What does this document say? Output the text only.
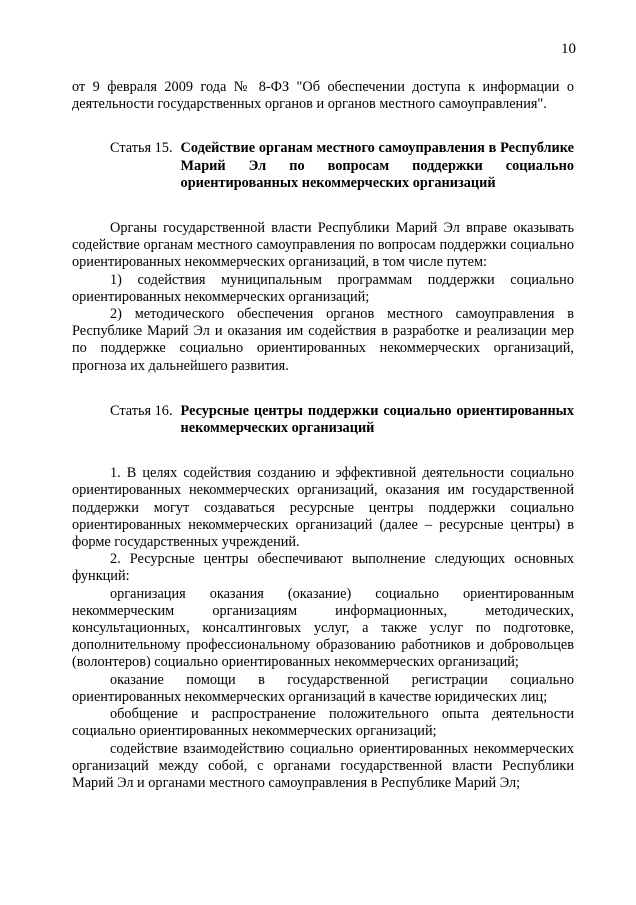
10

от 9 февраля 2009 года № 8-ФЗ "Об обеспечении доступа к информации о деятельности государственных органов и органов местного самоуправления".

Статья 15. Содействие органам местного самоуправления в Республике Марий Эл по вопросам поддержки социально ориентированных некоммерческих организаций

Органы государственной власти Республики Марий Эл вправе оказывать содействие органам местного самоуправления по вопросам поддержки социально ориентированных некоммерческих организаций, в том числе путем:

1) содействия муниципальным программам поддержки социально ориентированных некоммерческих организаций;

2) методического обеспечения органов местного самоуправления в Республике Марий Эл и оказания им содействия в разработке и реализации мер по поддержке социально ориентированных некоммерческих организаций, прогноза их дальнейшего развития.

Статья 16. Ресурсные центры поддержки социально ориентированных некоммерческих организаций

1. В целях содействия созданию и эффективной деятельности социально ориентированных некоммерческих организаций, оказания им государственной поддержки могут создаваться ресурсные центры поддержки социально ориентированных некоммерческих организаций (далее – ресурсные центры) в форме государственных учреждений.

2. Ресурсные центры обеспечивают выполнение следующих основных функций:

организация оказания (оказание) социально ориентированным некоммерческим организациям информационных, методических, консультационных, консалтинговых услуг, а также услуг по подготовке, дополнительному профессиональному образованию работников и добровольцев (волонтеров) социально ориентированных некоммерческих организаций;

оказание помощи в государственной регистрации социально ориентированных некоммерческих организаций в качестве юридических лиц;

обобщение и распространение положительного опыта деятельности социально ориентированных некоммерческих организаций;

содействие взаимодействию социально ориентированных некоммерческих организаций между собой, с органами государственной власти Республики Марий Эл и органами местного самоуправления в Республике Марий Эл;
